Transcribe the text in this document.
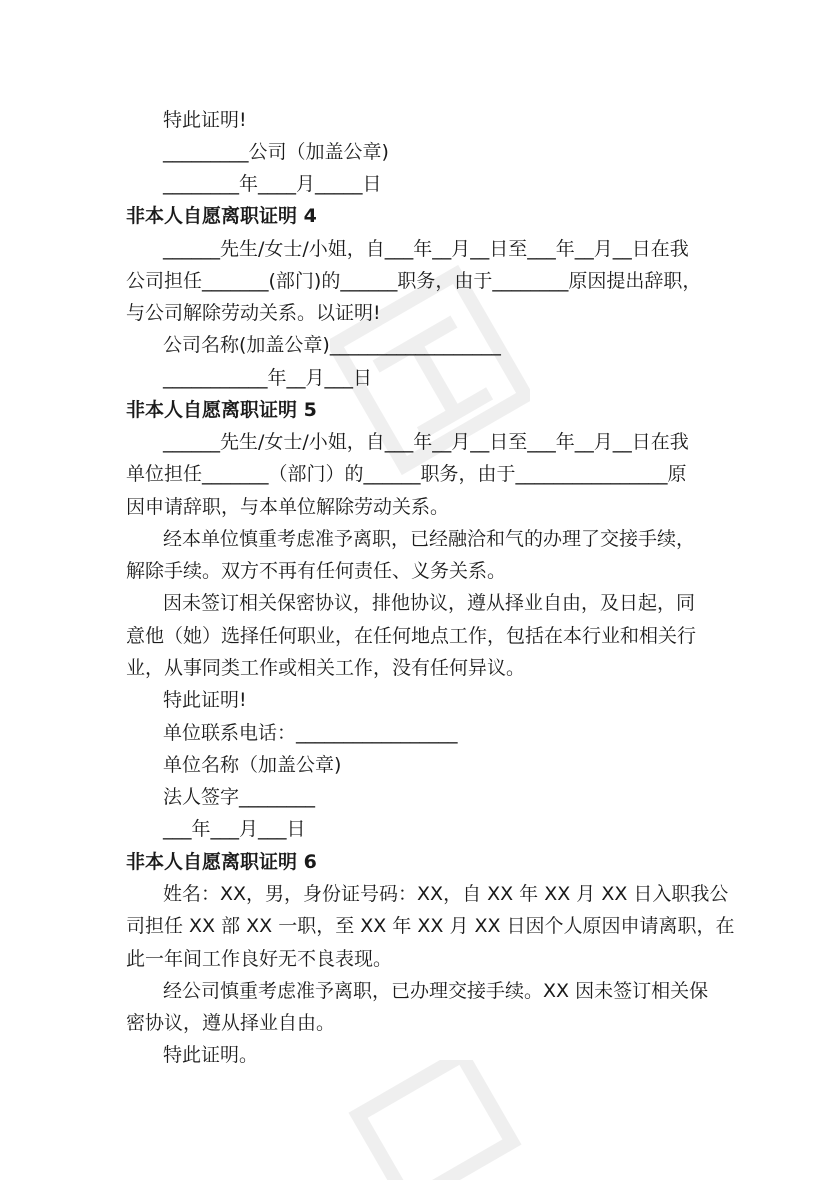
特此证明!
_________公司（加盖公章)
________年____月_____日
非本人自愿离职证明 4
______先生/女士/小姐，自___年__月__日至___年__月__日在我
公司担任_______(部门)的______职务，由于________原因提出辞职，
与公司解除劳动关系。以证明!
公司名称(加盖公章)__________________
___________年__月___日
非本人自愿离职证明 5
______先生/女士/小姐，自___年__月__日至___年__月__日在我
单位担任_______（部门）的______职务，由于________________原
因申请辞职，与本单位解除劳动关系。
经本单位慎重考虑准予离职，已经融洽和气的办理了交接手续，
解除手续。双方不再有任何责任、义务关系。
因未签订相关保密协议，排他协议，遵从择业自由，及日起，同
意他（她）选择任何职业，在任何地点工作，包括在本行业和相关行
业，从事同类工作或相关工作，没有任何异议。
特此证明!
单位联系电话：_________________
单位名称（加盖公章)
法人签字________
___年___月___日
非本人自愿离职证明 6
姓名：XX，男，身份证号码：XX，自 XX 年 XX 月 XX 日入职我公
司担任 XX 部 XX 一职，至 XX 年 XX 月 XX 日因个人原因申请离职，在
此一年间工作良好无不良表现。
经公司慎重考虑准予离职，已办理交接手续。XX 因未签订相关保
密协议，遵从择业自由。
特此证明。
